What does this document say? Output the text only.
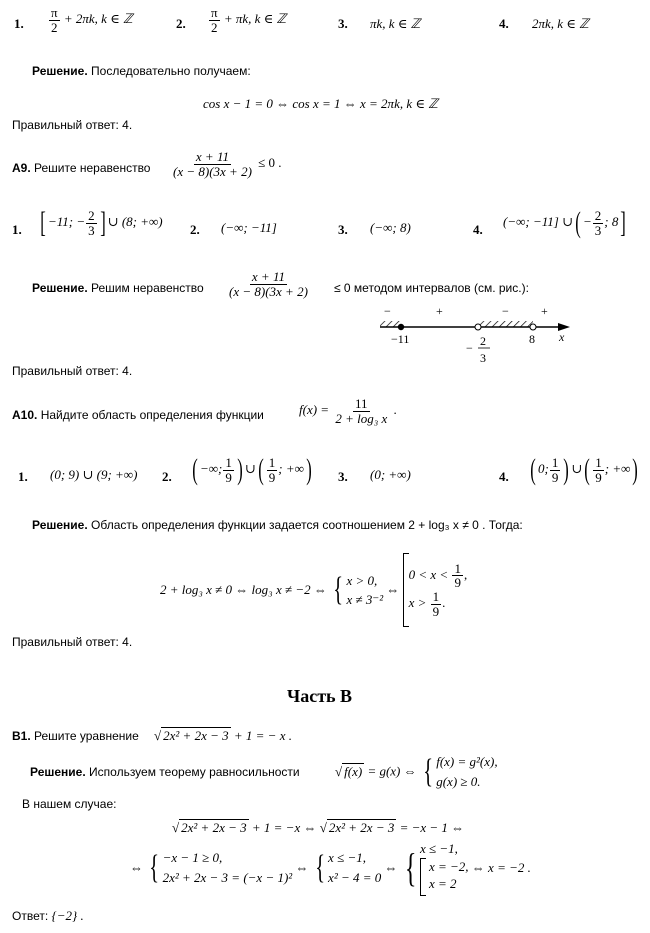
1. $\frac{\pi}{2} + 2\pi k$, k ∈ ℤ	2. $\frac{\pi}{2} + \pi k$, k ∈ ℤ	3. πk, k ∈ ℤ	4. 2πk, k ∈ ℤ
Решение. Последовательно получаем:
cos x − 1 = 0 ⇔ cos x = 1 ⇔ x = 2πk, k ∈ ℤ
Правильный ответ: 4.
А9. Решите неравенство $\frac{x + 11}{(x - 8)(3x + 2)} \le 0$ .
1. [ −11; − $\frac{2}{3}$ ] ∪ (8; +∞)
2. (−∞; −11]	3. (−∞; 8)	4.
(−∞; −11] ∪( − $\frac{2}{3}$ ; 8]
Решение. Решим неравенство $\frac{x + 11}{(x - 8)(3x + 2)} \le 0$ методом интервалов (см. рис.):
−	+	−	+
−11
− 2
3
8 x
Правильный ответ: 4.
А10. Найдите область определения функции	$f(x) = \frac{11}{\text{2 + log₃ x}}$ .
1. (0; 9) ∪ (9; +∞) 2. ( −∞; $\frac{1}{9}$ ) ∪( $\frac{1}{9}$ ; +∞) 3. (0; +∞)	4. ( 0; $\frac{1}{9}$ ) ∪( $\frac{1}{9}$ ; +∞)
Решение. Область определения функции задается соотношением 2 + log₃ x ≠ 0 . Тогда:
2 + log₃ x ≠ 0 ⇔ log₃ x ≠ −2 ⇔ { x > 0,
x ≠ 3⁻²
⇔
$0 < x < \frac{1}{9}$ ,
$x > \frac{1}{9}$ .
Правильный ответ: 4.
Часть В
В1. Решите уравнение √ 2x² + 2x − 3 + 1 = − x .
Решение. Используем теорему равносильности	√ f(x) = g(x) ⇔ { f(x) = g²(x),
g(x) ≥ 0.
В нашем случае:
√ 2x² + 2x − 3 + 1 = −x ⇔ √ 2x² + 2x − 3 = −x − 1 ⇔
⇔ { −x − 1 ≥ 0,
2x² + 2x − 3 = (−x − 1)²
⇔ { x ≤ −1,
x² − 4 = 0
⇔ { x ≤ −1,
x = −2,
x = 2
⇔ x = −2 .
Ответ: {−2} .
